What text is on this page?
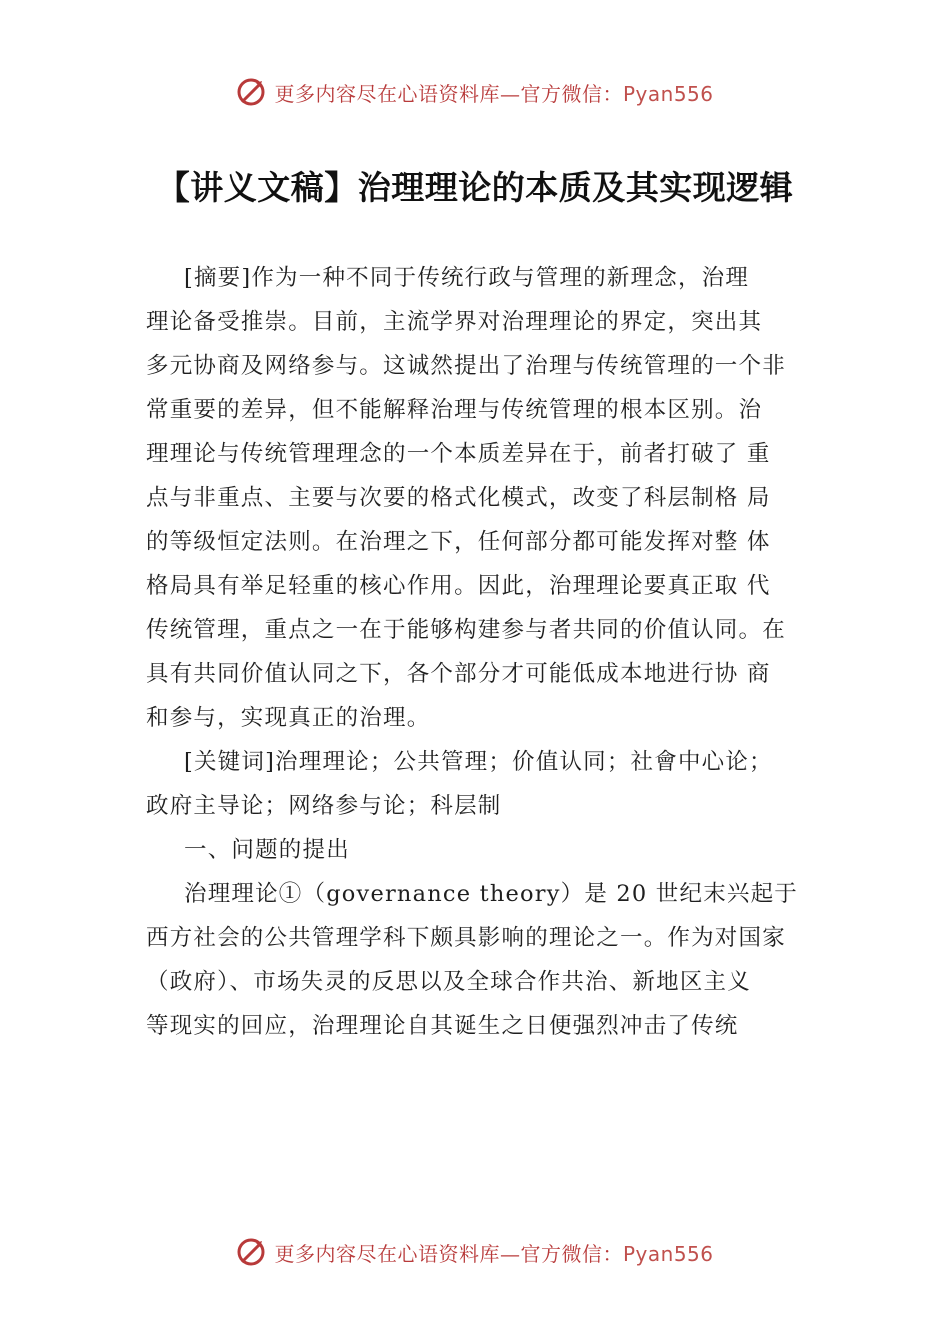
更多内容尽在心语资料库—官方微信：Pyan556
【讲义文稿】治理理论的本质及其实现逻辑
[摘要]作为一种不同于传统行政与管理的新理念，治理
理论备受推崇。目前，主流学界对治理理论的界定，突出其
多元协商及网络参与。这诚然提出了治理与传统管理的一个非
常重要的差异，但不能解释治理与传统管理的根本区别。治
理理论与传统管理理念的一个本质差异在于，前者打破了 重
点与非重点、主要与次要的格式化模式，改变了科层制格 局
的等级恒定法则。在治理之下，任何部分都可能发挥对整 体
格局具有举足轻重的核心作用。因此，治理理论要真正取 代
传统管理，重点之一在于能够构建参与者共同的价值认同。在
具有共同价值认同之下，各个部分才可能低成本地进行协 商
和参与，实现真正的治理。
[关键词]治理理论；公共管理；价值认同；社會中心论；
政府主导论；网络参与论；科层制
一、问题的提出
治理理论①（governance theory）是 20 世纪末兴起于
西方社会的公共管理学科下颇具影响的理论之一。作为对国家
（政府）、市场失灵的反思以及全球合作共治、新地区主义
等现实的回应，治理理论自其诞生之日便强烈冲击了传统
更多内容尽在心语资料库—官方微信：Pyan556
